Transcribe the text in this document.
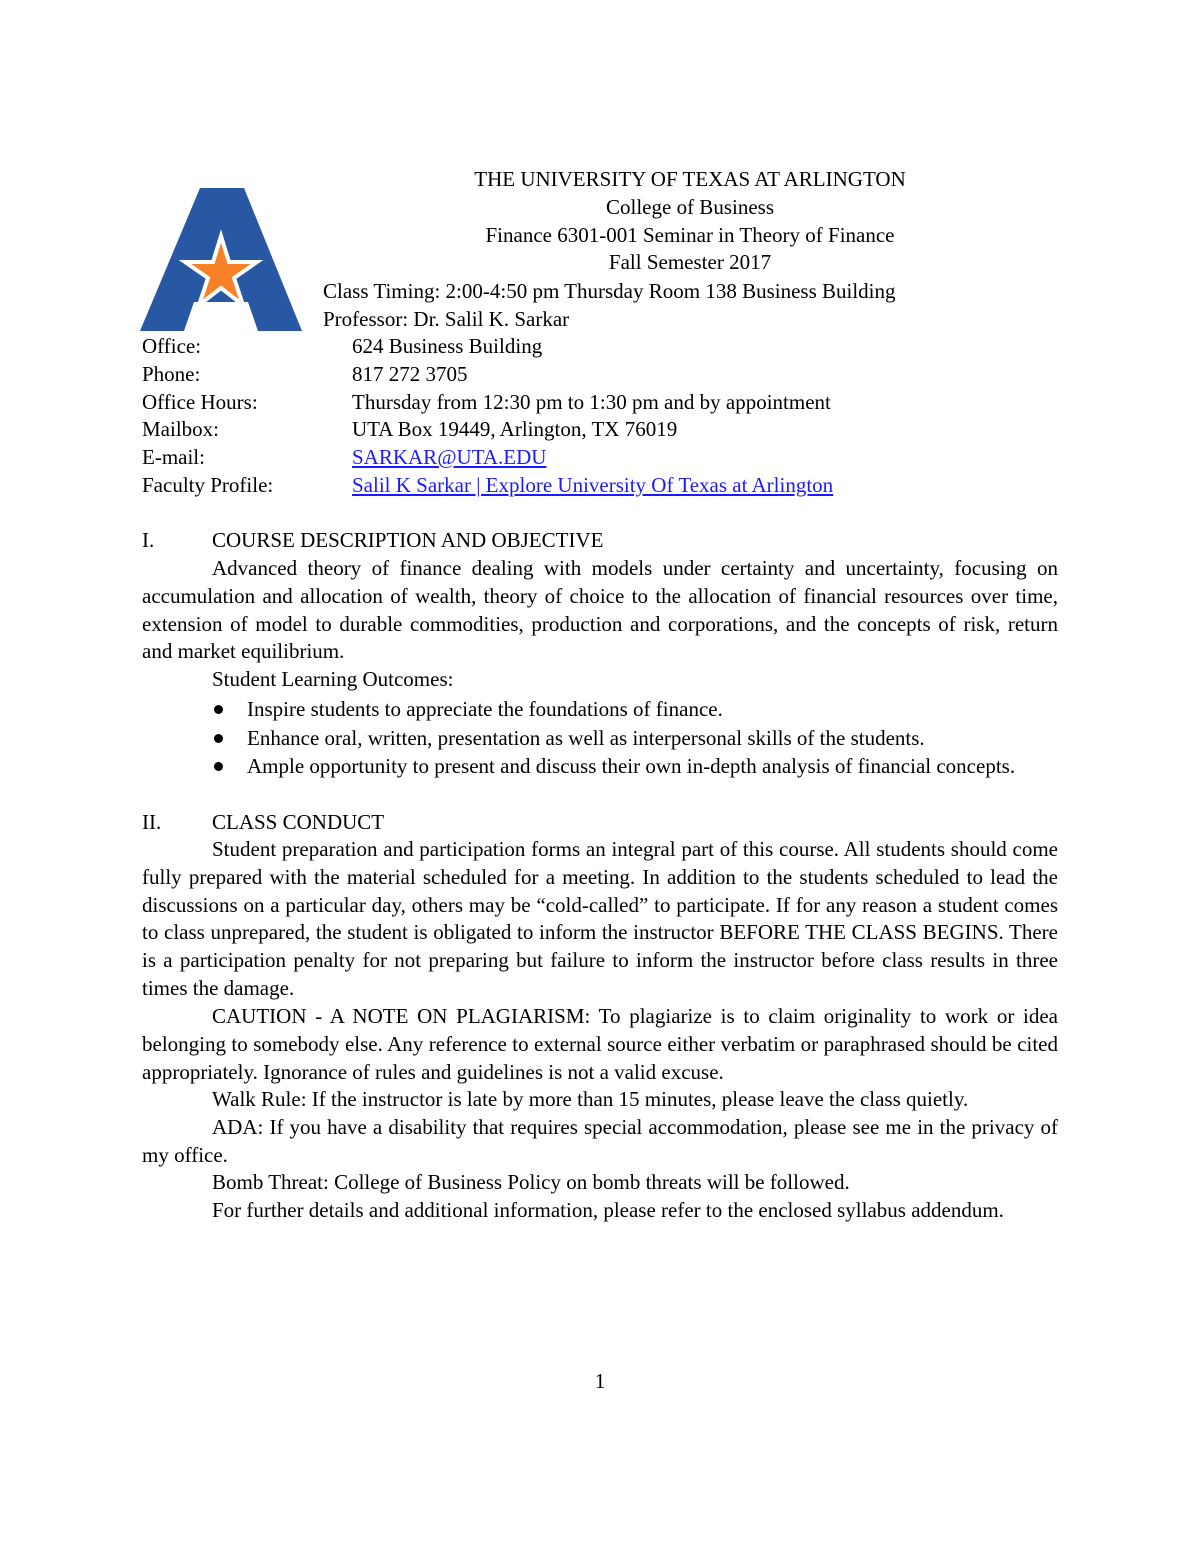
THE UNIVERSITY OF TEXAS AT ARLINGTON
College of Business
Finance 6301-001 Seminar in Theory of Finance
Fall Semester 2017
Class Timing: 2:00-4:50 pm Thursday Room 138 Business Building
Professor: Dr. Salil K. Sarkar
Office:	624 Business Building
Phone:	817 272 3705
Office Hours:	Thursday from 12:30 pm to 1:30 pm and by appointment
Mailbox:	UTA Box 19449, Arlington, TX 76019
E-mail:	SARKAR@UTA.EDU
Faculty Profile:	Salil K Sarkar | Explore University Of Texas at Arlington
I.	COURSE DESCRIPTION AND OBJECTIVE
Advanced theory of finance dealing with models under certainty and uncertainty, focusing on accumulation and allocation of wealth, theory of choice to the allocation of financial resources over time, extension of model to durable commodities, production and corporations, and the concepts of risk, return and market equilibrium.
Student Learning Outcomes:
Inspire students to appreciate the foundations of finance.
Enhance oral, written, presentation as well as interpersonal skills of the students.
Ample opportunity to present and discuss their own in-depth analysis of financial concepts.
II. CLASS CONDUCT
Student preparation and participation forms an integral part of this course. All students should come fully prepared with the material scheduled for a meeting. In addition to the students scheduled to lead the discussions on a particular day, others may be “cold-called” to participate. If for any reason a student comes to class unprepared, the student is obligated to inform the instructor BEFORE THE CLASS BEGINS. There is a participation penalty for not preparing but failure to inform the instructor before class results in three times the damage.
CAUTION - A NOTE ON PLAGIARISM: To plagiarize is to claim originality to work or idea belonging to somebody else. Any reference to external source either verbatim or paraphrased should be cited appropriately. Ignorance of rules and guidelines is not a valid excuse.
Walk Rule: If the instructor is late by more than 15 minutes, please leave the class quietly.
ADA: If you have a disability that requires special accommodation, please see me in the privacy of my office.
Bomb Threat: College of Business Policy on bomb threats will be followed.
For further details and additional information, please refer to the enclosed syllabus addendum.
1
